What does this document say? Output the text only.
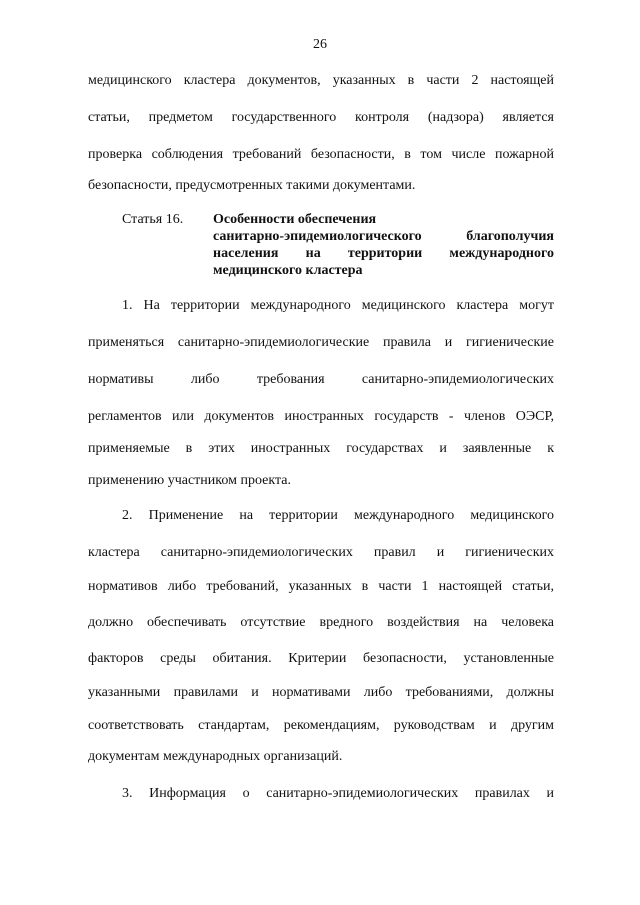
26
медицинского кластера документов, указанных в части 2 настоящей
статьи, предметом государственного контроля (надзора) является
проверка соблюдения требований безопасности, в том числе пожарной
безопасности, предусмотренных такими документами.
Статья 16. Особенности обеспечения
санитарно-эпидемиологического благополучия
населения на территории международного
медицинского кластера
1. На территории международного медицинского кластера могут
применяться санитарно-эпидемиологические правила и гигиенические
нормативы либо требования санитарно-эпидемиологических
регламентов или документов иностранных государств - членов ОЭСР,
применяемые в этих иностранных государствах и заявленные к
применению участником проекта.
2. Применение на территории международного медицинского
кластера санитарно-эпидемиологических правил и гигиенических
нормативов либо требований, указанных в части 1 настоящей статьи,
должно обеспечивать отсутствие вредного воздействия на человека
факторов среды обитания. Критерии безопасности, установленные
указанными правилами и нормативами либо требованиями, должны
соответствовать стандартам, рекомендациям, руководствам и другим
документам международных организаций.
3. Информация о санитарно-эпидемиологических правилах и
